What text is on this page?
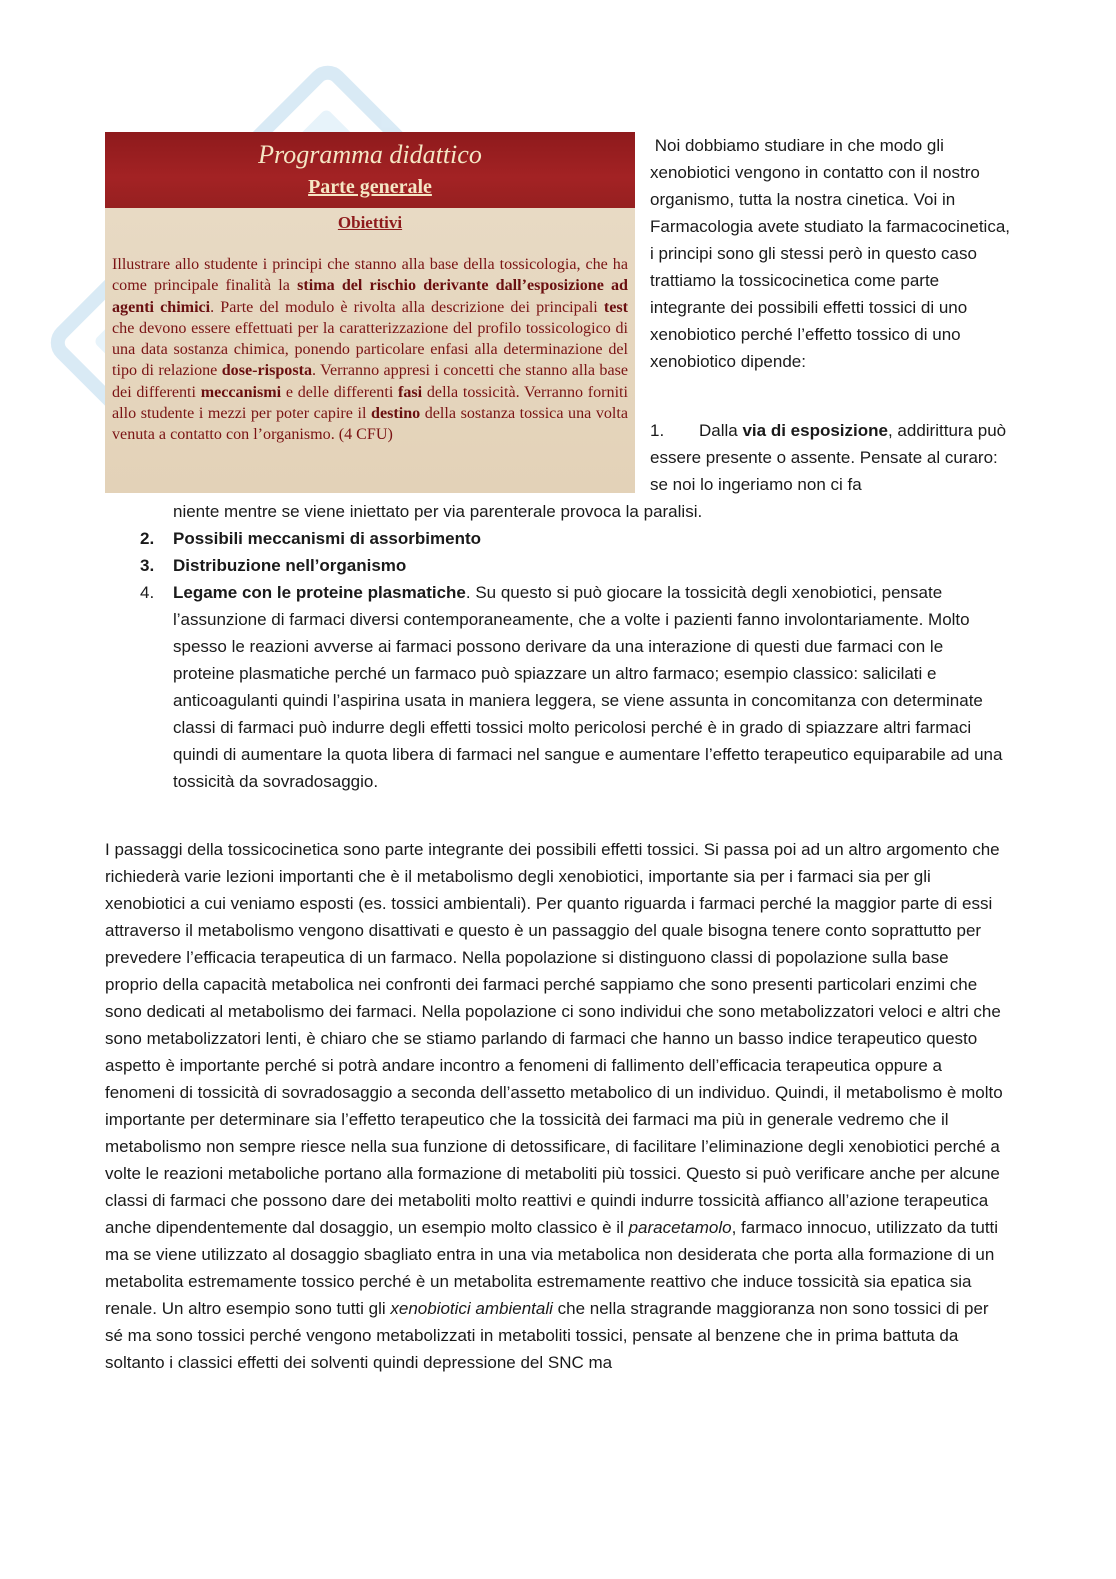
Programma didattico
Parte generale
Obiettivi
Illustrare allo studente i principi che stanno alla base della tossicologia, che ha come principale finalità la stima del rischio derivante dall’esposizione ad agenti chimici. Parte del modulo è rivolta alla descrizione dei principali test che devono essere effettuati per la caratterizzazione del profilo tossicologico di una data sostanza chimica, ponendo particolare enfasi alla determinazione del tipo di relazione dose-risposta. Verranno appresi i concetti che stanno alla base dei differenti meccanismi e delle differenti fasi della tossicità. Verranno forniti allo studente i mezzi per poter capire il destino della sostanza tossica una volta venuta a contatto con l’organismo. (4 CFU)

Noi dobbiamo studiare in che modo gli xenobiotici vengono in contatto con il nostro organismo, tutta la nostra cinetica. Voi in Farmacologia avete studiato la farmacocinetica, i principi sono gli stessi però in questo caso trattiamo la tossicocinetica come parte integrante dei possibili effetti tossici di uno xenobiotico perché l’effetto tossico di uno xenobiotico dipende:

1. Dalla via di esposizione, addirittura può essere presente o assente. Pensate al curaro: se noi lo ingeriamo non ci fa

niente mentre se viene iniettato per via parenterale provoca la paralisi.

2. Possibili meccanismi di assorbimento
3. Distribuzione nell’organismo
4. Legame con le proteine plasmatiche. Su questo si può giocare la tossicità degli xenobiotici, pensate l’assunzione di farmaci diversi contemporaneamente, che a volte i pazienti fanno involontariamente. Molto spesso le reazioni avverse ai farmaci possono derivare da una interazione di questi due farmaci con le proteine plasmatiche perché un farmaco può spiazzare un altro farmaco; esempio classico: salicilati e anticoagulanti quindi l’aspirina usata in maniera leggera, se viene assunta in concomitanza con determinate classi di farmaci può indurre degli effetti tossici molto pericolosi perché è in grado di spiazzare altri farmaci quindi di aumentare la quota libera di farmaci nel sangue e aumentare l’effetto terapeutico equiparabile ad una tossicità da sovradosaggio.

I passaggi della tossicocinetica sono parte integrante dei possibili effetti tossici. Si passa poi ad un altro argomento che richiederà varie lezioni importanti che è il metabolismo degli xenobiotici, importante sia per i farmaci sia per gli xenobiotici a cui veniamo esposti (es. tossici ambientali). Per quanto riguarda i farmaci perché la maggior parte di essi attraverso il metabolismo vengono disattivati e questo è un passaggio del quale bisogna tenere conto soprattutto per prevedere l’efficacia terapeutica di un farmaco. Nella popolazione si distinguono classi di popolazione sulla base proprio della capacità metabolica nei confronti dei farmaci perché sappiamo che sono presenti particolari enzimi che sono dedicati al metabolismo dei farmaci. Nella popolazione ci sono individui che sono metabolizzatori veloci e altri che sono metabolizzatori lenti, è chiaro che se stiamo parlando di farmaci che hanno un basso indice terapeutico questo aspetto è importante perché si potrà andare incontro a fenomeni di fallimento dell’efficacia terapeutica oppure a fenomeni di tossicità di sovradosaggio a seconda dell’assetto metabolico di un individuo. Quindi, il metabolismo è molto importante per determinare sia l’effetto terapeutico che la tossicità dei farmaci ma più in generale vedremo che il metabolismo non sempre riesce nella sua funzione di detossificare, di facilitare l’eliminazione degli xenobiotici perché a volte le reazioni metaboliche portano alla formazione di metaboliti più tossici. Questo si può verificare anche per alcune classi di farmaci che possono dare dei metaboliti molto reattivi e quindi indurre tossicità affianco all’azione terapeutica anche dipendentemente dal dosaggio, un esempio molto classico è il paracetamolo, farmaco innocuo, utilizzato da tutti ma se viene utilizzato al dosaggio sbagliato entra in una via metabolica non desiderata che porta alla formazione di un metabolita estremamente tossico perché è un metabolita estremamente reattivo che induce tossicità sia epatica sia renale. Un altro esempio sono tutti gli xenobiotici ambientali che nella stragrande maggioranza non sono tossici di per sé ma sono tossici perché vengono metabolizzati in metaboliti tossici, pensate al benzene che in prima battuta da soltanto i classici effetti dei solventi quindi depressione del SNC ma
